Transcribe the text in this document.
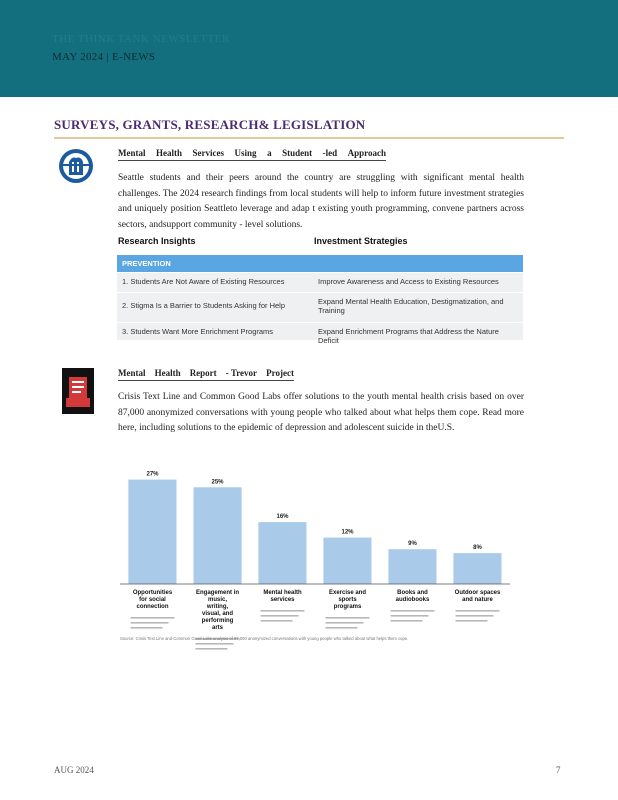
THE THINK TANK NEWSLETTER
MAY 2024 | E-NEWS
SURVEYS, GRANTS, RESEARCH& LEGISLATION
Mental Health Services Using a Student -led Approach
Seattle students and their peers around the country are struggling with significant mental health challenges. The 2024 research findings from local students will help to inform future investment strategies and uniquely position Seattleto leverage and adap t existing youth programming, convene partners across sectors, andsupport community - level solutions.
Research Insights	Investment Strategies
PREVENTION
1. Students Are Not Aware of Existing Resources	Improve Awareness and Access to Existing Resources
2. Stigma Is a Barrier to Students Asking for Help	Expand Mental Health Education, Destigmatization, and Training
3. Students Want More Enrichment Programs	Expand Enrichment Programs that Address the Nature Deficit
Mental Health Report - Trevor Project
Crisis Text Line and Common Good Labs offer solutions to the youth mental health crisis based on over 87,000 anonymized conversations with young people who talked about what helps them cope. Read more here, including solutions to the epidemic of depression and adolescent suicide in theU.S.
27%
Opportunities for social connection
25%
Engagement in music, writing, visual, and performing arts
16%
Mental health services
12%
Exercise and sports programs
9%
Books and audiobooks
8%
Outdoor spaces and nature
Source: Crisis Text Line and Common Good Labs analysis of 87,000 anonymized conversations with young people who talked about what helps them cope.
AUG 2024	7
